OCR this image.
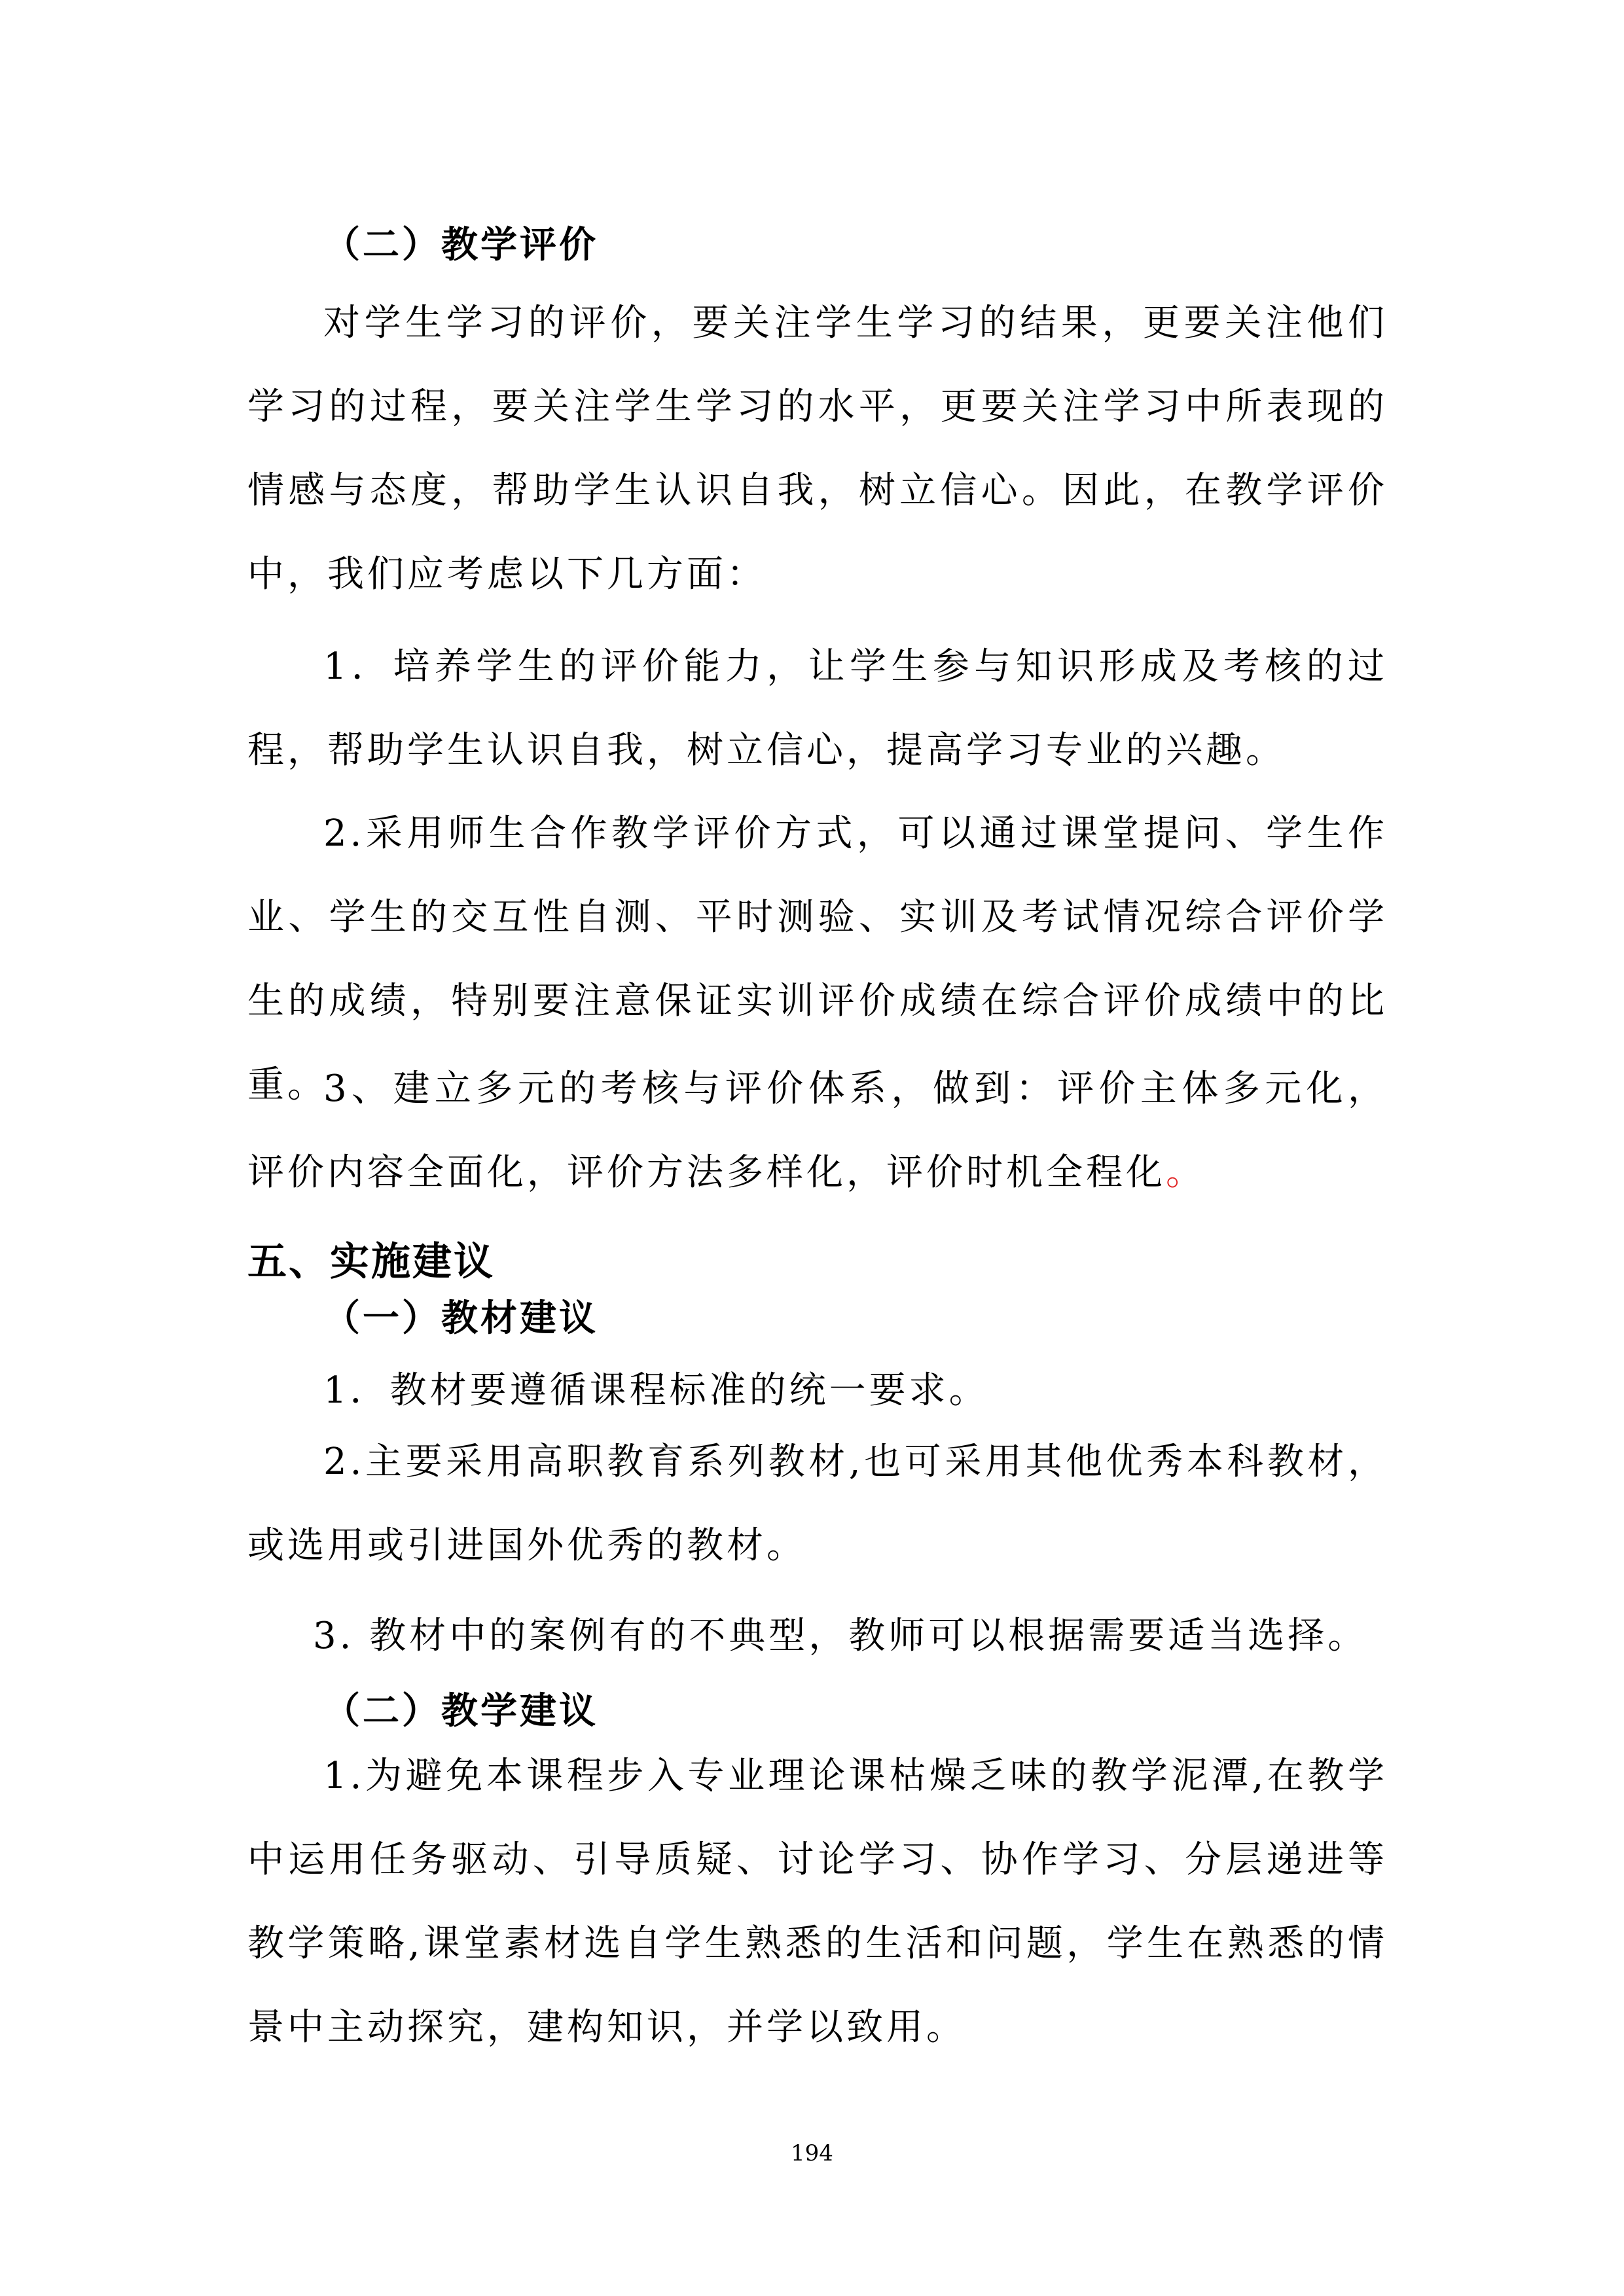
（二）教学评价

对学生学习的评价，要关注学生学习的结果，更要关注他们学习的过程，要关注学生学习的水平，更要关注学习中所表现的情感与态度，帮助学生认识自我，树立信心。因此，在教学评价中，我们应考虑以下几方面：

1．培养学生的评价能力，让学生参与知识形成及考核的过程，帮助学生认识自我，树立信心，提高学习专业的兴趣。

2.采用师生合作教学评价方式，可以通过课堂提问、学生作业、学生的交互性自测、平时测验、实训及考试情况综合评价学生的成绩，特别要注意保证实训评价成绩在综合评价成绩中的比重。

3、建立多元的考核与评价体系，做到：评价主体多元化，评价内容全面化，评价方法多样化，评价时机全程化。

五、实施建议
（一）教材建议
1．教材要遵循课程标准的统一要求。

2.主要采用高职教育系列教材,也可采用其他优秀本科教材，或选用或引进国外优秀的教材。

3. 教材中的案例有的不典型，教师可以根据需要适当选择。
（二）教学建议

1.为避免本课程步入专业理论课枯燥乏味的教学泥潭,在教学中运用任务驱动、引导质疑、讨论学习、协作学习、分层递进等教学策略,课堂素材选自学生熟悉的生活和问题，学生在熟悉的情景中主动探究，建构知识，并学以致用。

194
